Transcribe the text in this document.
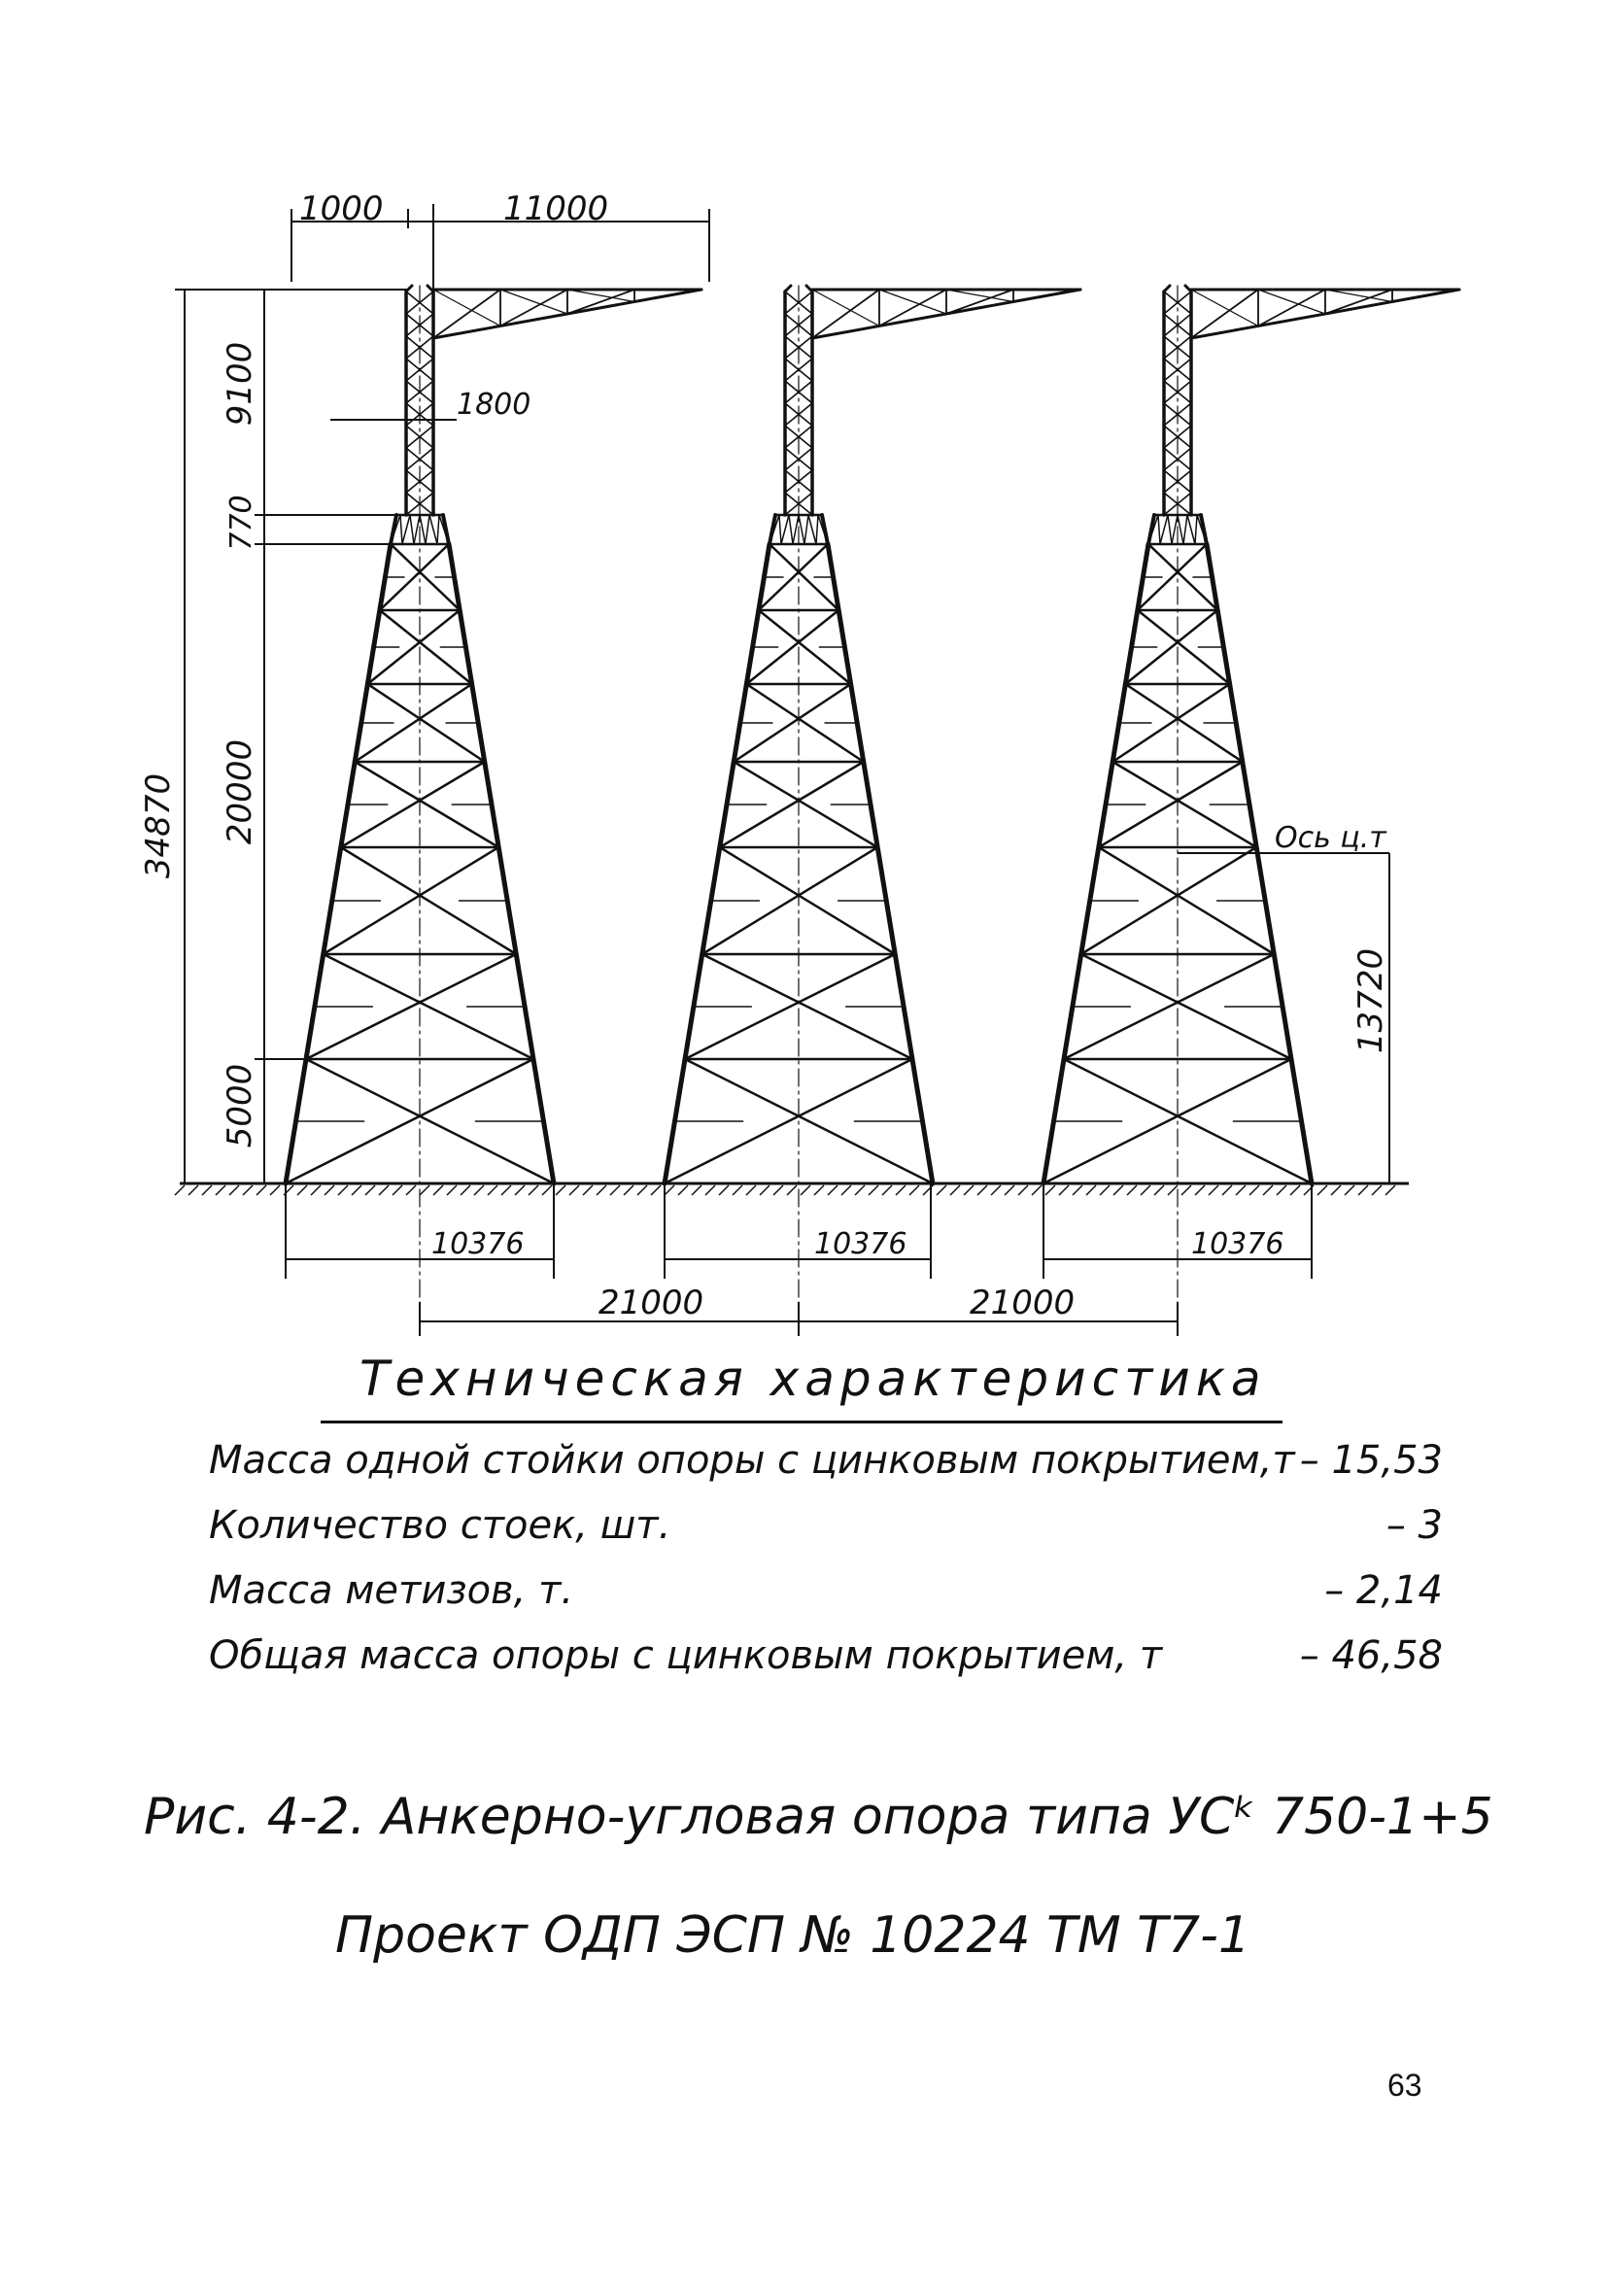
1000	11000
34870
9100
770
20000
5000
1800
Ось ц.т
13720
10376	10376	10376
21000	21000
Техническая характеристика
Масса одной стойки опоры с цинковым покрытием,т – 15,53
Количество стоек, шт.	– 3
Масса метизов, т.	– 2,14
Общая масса опоры с цинковым покрытием, т	– 46,58
Рис. 4-2. Анкерно-угловая опора типа УСᵏ 750-1+5
Проект ОДП ЭСП № 10224 ТМ Т7-1
63
